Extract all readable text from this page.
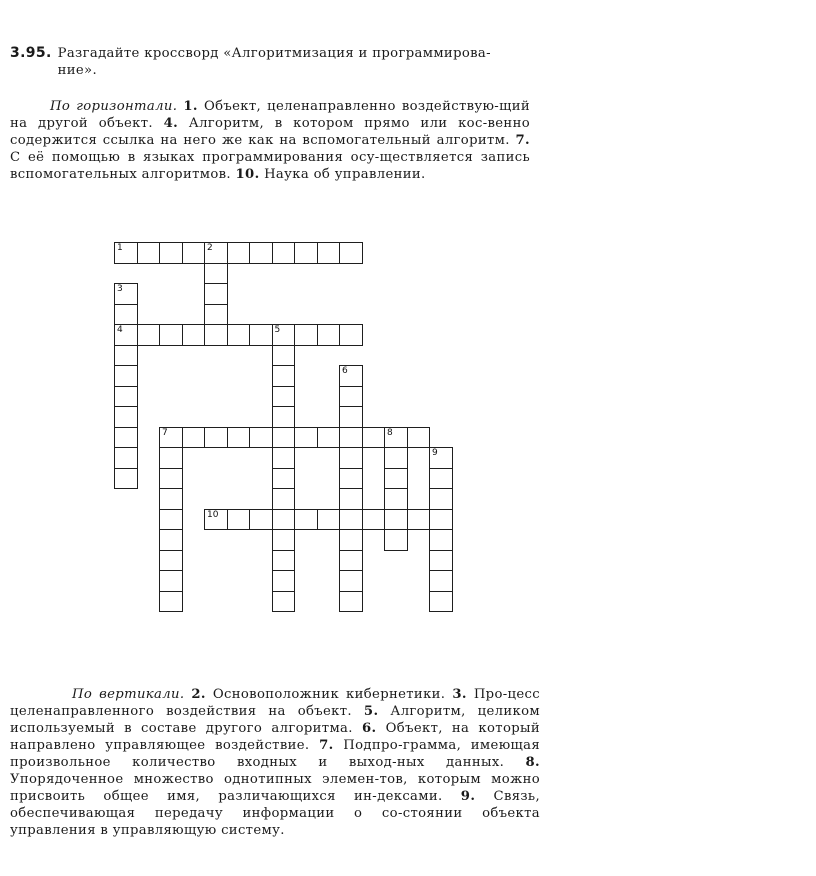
3.95. Разгадайте кроссворд «Алгоритмизация и программирова-
ние».
По горизонтали. 1. Объект, целенаправленно воздействую-щий на другой объект. 4. Алгоритм, в котором прямо или кос-венно содержится ссылка на него же как на вспомогательный алгоритм. 7. С её помощью в языках программирования осу-ществляется запись вспомогательных алгоритмов. 10. Наука об управлении.
1	2
3
4	5
6
7	8
9
10
По вертикали. 2. Основоположник кибернетики. 3. Про-цесс целенаправленного воздействия на объект. 5. Алгоритм, целиком используемый в составе другого алгоритма. 6. Объект, на который направлено управляющее воздействие. 7. Подпро-грамма, имеющая произвольное количество входных и выход-ных данных. 8. Упорядоченное множество однотипных элемен-тов, которым можно присвоить общее имя, различающихся ин-дексами. 9. Связь, обеспечивающая передачу информации о со-стоянии объекта управления в управляющую систему.
